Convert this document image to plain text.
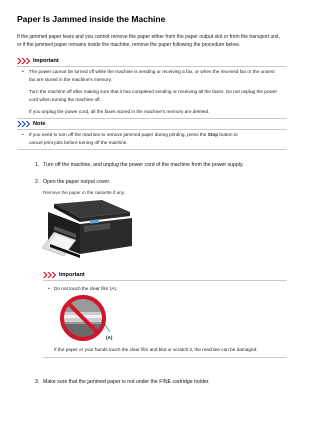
Paper Is Jammed inside the Machine
If the jammed paper tears and you cannot remove the paper either from the paper output slot or from the transport unit, or if the jammed paper remains inside the machine, remove the paper following the procedure below.
Important
• The power cannot be turned off while the machine is sending or receiving a fax, or when the received fax or the unsent fax are stored in the machine's memory.
Turn the machine off after making sure that it has completed sending or receiving all the faxes. Do not unplug the power cord when turning the machine off.
If you unplug the power cord, all the faxes stored in the machine's memory are deleted.
Note
• If you need to turn off the machine to remove jammed paper during printing, press the Stop button to
cancel print jobs before turning off the machine.
1. Turn off the machine, and unplug the power cord of the machine from the power supply.
2. Open the paper output cover.
Remove the paper in the cassette if any.
Important
• Do not touch the clear film (A).
(A)
If the paper or your hands touch the clear film and blot or scratch it, the machine can be damaged.
3. Make sure that the jammed paper is not under the FINE cartridge holder.
